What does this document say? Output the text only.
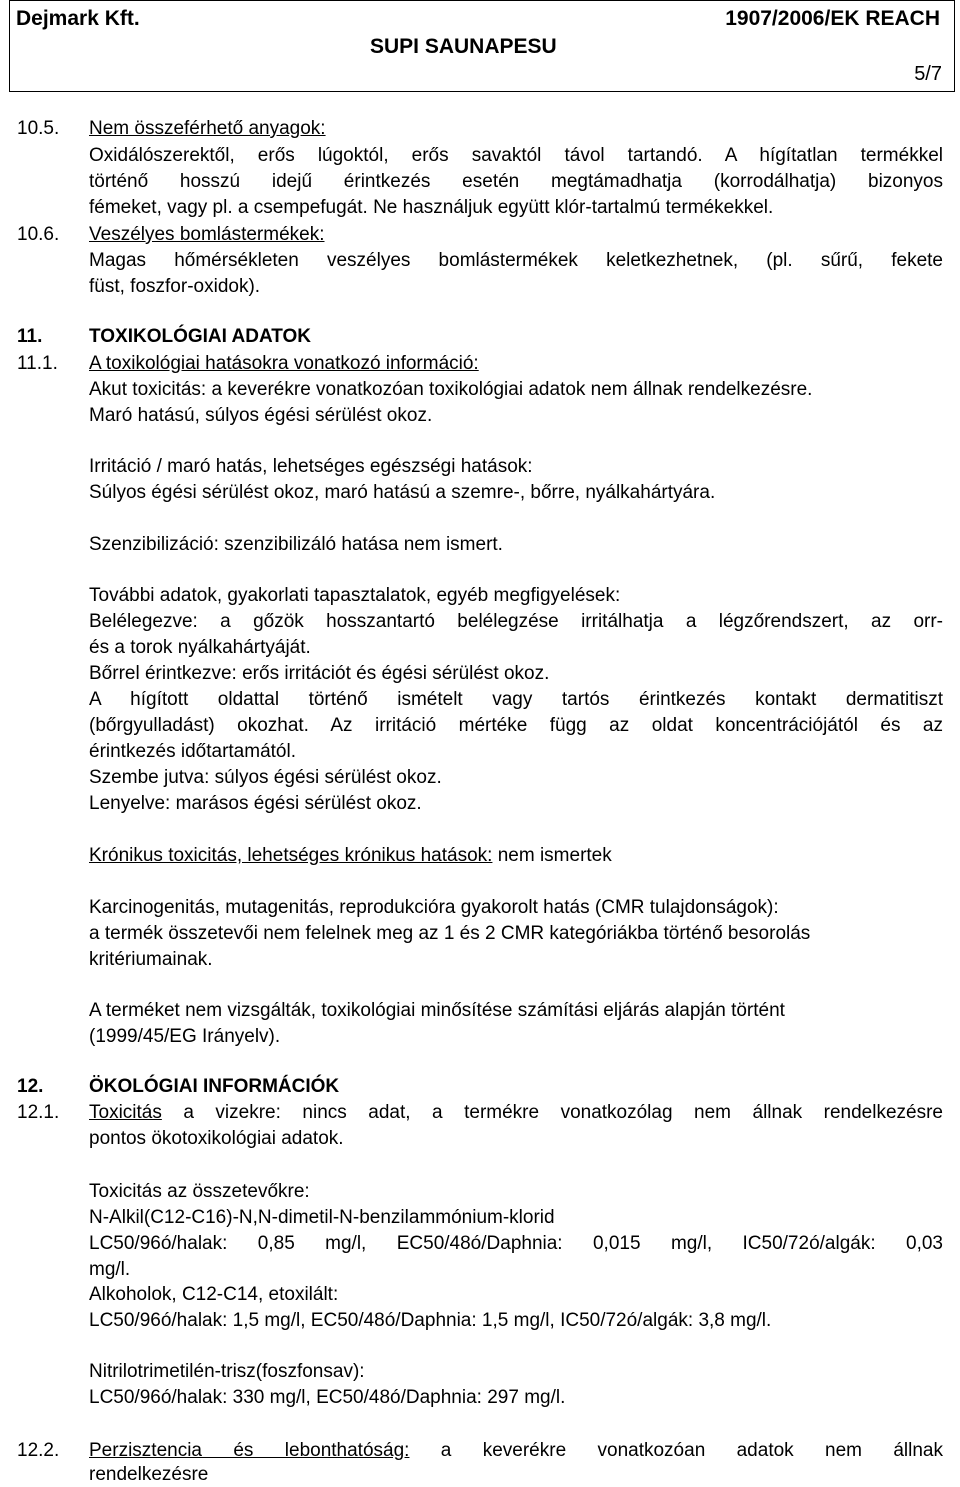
Dejmark Kft.	1907/2006/EK REACH
SUPI SAUNAPESU
5/7
10.5. Nem összeférhető anyagok:
Oxidálószerektől, erős lúgoktól, erős savaktól távol tartandó. A hígítatlan termékkel
történő hosszú idejű érintkezés esetén megtámadhatja (korrodálhatja) bizonyos
fémeket, vagy pl. a csempefugát. Ne használjuk együtt klór-tartalmú termékekkel.
10.6. Veszélyes bomlástermékek:
Magas hőmérsékleten veszélyes bomlástermékek keletkezhetnek, (pl. sűrű, fekete
füst, foszfor-oxidok).
11. TOXIKOLÓGIAI ADATOK
11.1. A toxikológiai hatásokra vonatkozó információ:
Akut toxicitás: a keverékre vonatkozóan toxikológiai adatok nem állnak rendelkezésre.
Maró hatású, súlyos égési sérülést okoz.
Irritáció / maró hatás, lehetséges egészségi hatások:
Súlyos égési sérülést okoz, maró hatású a szemre-, bőrre, nyálkahártyára.
Szenzibilizáció: szenzibilizáló hatása nem ismert.
További adatok, gyakorlati tapasztalatok, egyéb megfigyelések:
Belélegezve: a gőzök hosszantartó belélegzése irritálhatja a légzőrendszert, az orr-
és a torok nyálkahártyáját.
Bőrrel érintkezve: erős irritációt és égési sérülést okoz.
A hígított oldattal történő ismételt vagy tartós érintkezés kontakt dermatitiszt
(bőrgyulladást) okozhat. Az irritáció mértéke függ az oldat koncentrációjától és az
érintkezés időtartamától.
Szembe jutva: súlyos égési sérülést okoz.
Lenyelve: marásos égési sérülést okoz.
Krónikus toxicitás, lehetséges krónikus hatások: nem ismertek
Karcinogenitás, mutagenitás, reprodukcióra gyakorolt hatás (CMR tulajdonságok):
a termék összetevői nem felelnek meg az 1 és 2 CMR kategóriákba történő besorolás
kritériumainak.
A terméket nem vizsgálták, toxikológiai minősítése számítási eljárás alapján történt
(1999/45/EG Irányelv).
12. ÖKOLÓGIAI INFORMÁCIÓK
12.1. Toxicitás a vizekre: nincs adat, a termékre vonatkozólag nem állnak rendelkezésre
pontos ökotoxikológiai adatok.
Toxicitás az összetevőkre:
N-Alkil(C12-C16)-N,N-dimetil-N-benzilammónium-klorid
LC50/96ó/halak: 0,85 mg/l, EC50/48ó/Daphnia: 0,015 mg/l, IC50/72ó/algák: 0,03
mg/l.
Alkoholok, C12-C14, etoxilált:
LC50/96ó/halak: 1,5 mg/l, EC50/48ó/Daphnia: 1,5 mg/l, IC50/72ó/algák: 3,8 mg/l.
Nitrilotrimetilén-trisz(foszfonsav):
LC50/96ó/halak: 330 mg/l, EC50/48ó/Daphnia: 297 mg/l.
12.2. Perzisztencia és lebonthatóság: a keverékre vonatkozóan adatok nem állnak
rendelkezésre
